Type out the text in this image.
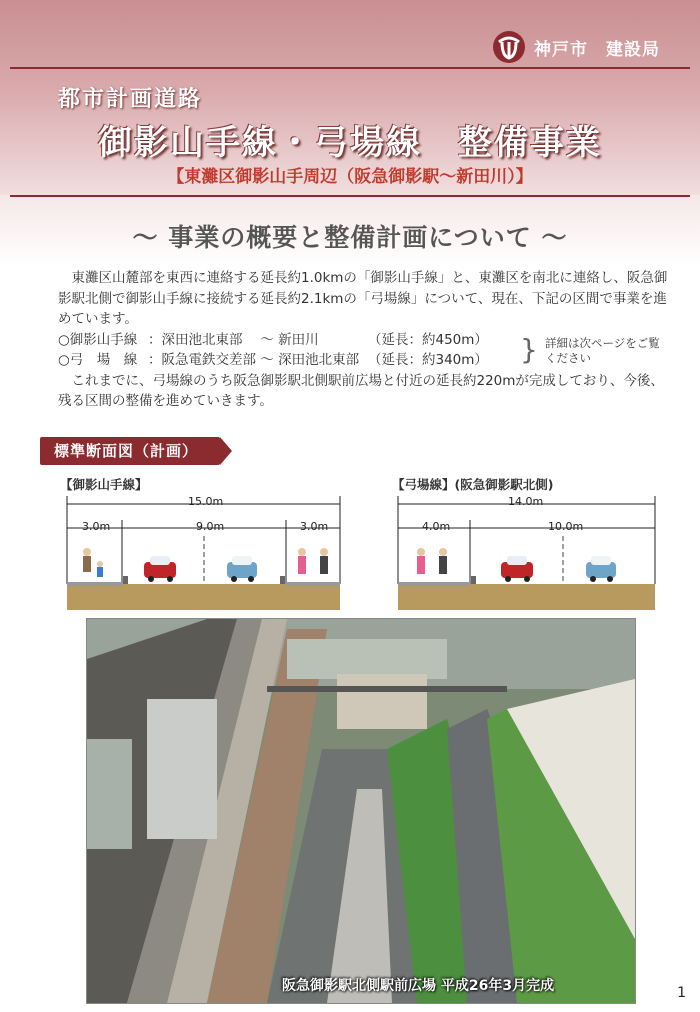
神戸市　建設局
都市計画道路
御影山手線・弓場線　整備事業
【東灘区御影山手周辺（阪急御影駅〜新田川）】
〜 事業の概要と整備計画について 〜

東灘区山麓部を東西に連絡する延長約1.0kmの「御影山手線」と、東灘区を南北に連絡し、阪急御影駅北側で御影山手線に接続する延長約2.1kmの「弓場線」について、現在、下記の区間で事業を進めています。

○御影山手線 ：深田池北東部　 〜 新田川	（延長：約450m）
○弓　場　線 ：阪急電鉄交差部 〜 深田池北東部 （延長：約340m）

これまでに、弓場線のうち阪急御影駅北側駅前広場と付近の延長約220mが完成しており、今後、残る区間の整備を進めていきます。

} 詳細は次ページをご覧ください
標準断面図（計画）
【御影山手線】	【弓場線】(阪急御影駅北側)
15.0m
3.0m	9.0m	3.0m
14.0m
4.0m	10.0m
阪急御影駅北側駅前広場 平成26年3月完成	1
